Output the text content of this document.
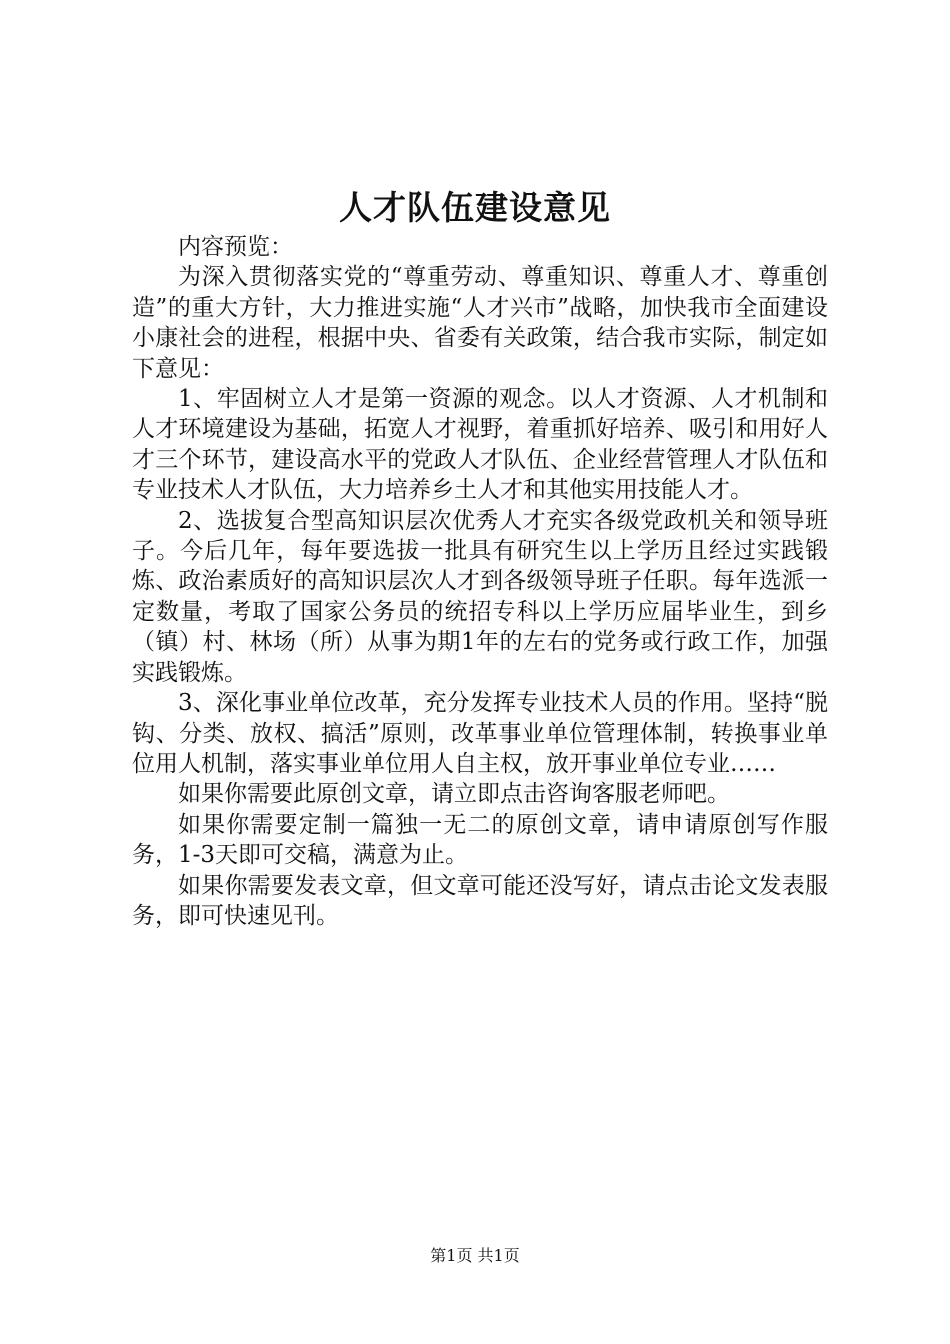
人才队伍建设意见

内容预览：

为深入贯彻落实党的“尊重劳动、尊重知识、尊重人才、尊重创造”的重大方针，大力推进实施“人才兴市”战略，加快我市全面建设小康社会的进程，根据中央、省委有关政策，结合我市实际，制定如下意见：

1、牢固树立人才是第一资源的观念。以人才资源、人才机制和人才环境建设为基础，拓宽人才视野，着重抓好培养、吸引和用好人才三个环节，建设高水平的党政人才队伍、企业经营管理人才队伍和专业技术人才队伍，大力培养乡土人才和其他实用技能人才。

2、选拔复合型高知识层次优秀人才充实各级党政机关和领导班子。今后几年，每年要选拔一批具有研究生以上学历且经过实践锻炼、政治素质好的高知识层次人才到各级领导班子任职。每年选派一定数量，考取了国家公务员的统招专科以上学历应届毕业生，到乡（镇）村、林场（所）从事为期1年的左右的党务或行政工作，加强实践锻炼。

3、深化事业单位改革，充分发挥专业技术人员的作用。坚持“脱钩、分类、放权、搞活”原则，改革事业单位管理体制，转换事业单位用人机制，落实事业单位用人自主权，放开事业单位专业……

如果你需要此原创文章，请立即点击咨询客服老师吧。

如果你需要定制一篇独一无二的原创文章，请申请原创写作服务，1-3天即可交稿，满意为止。

如果你需要发表文章，但文章可能还没写好，请点击论文发表服务，即可快速见刊。

第1页 共1页
